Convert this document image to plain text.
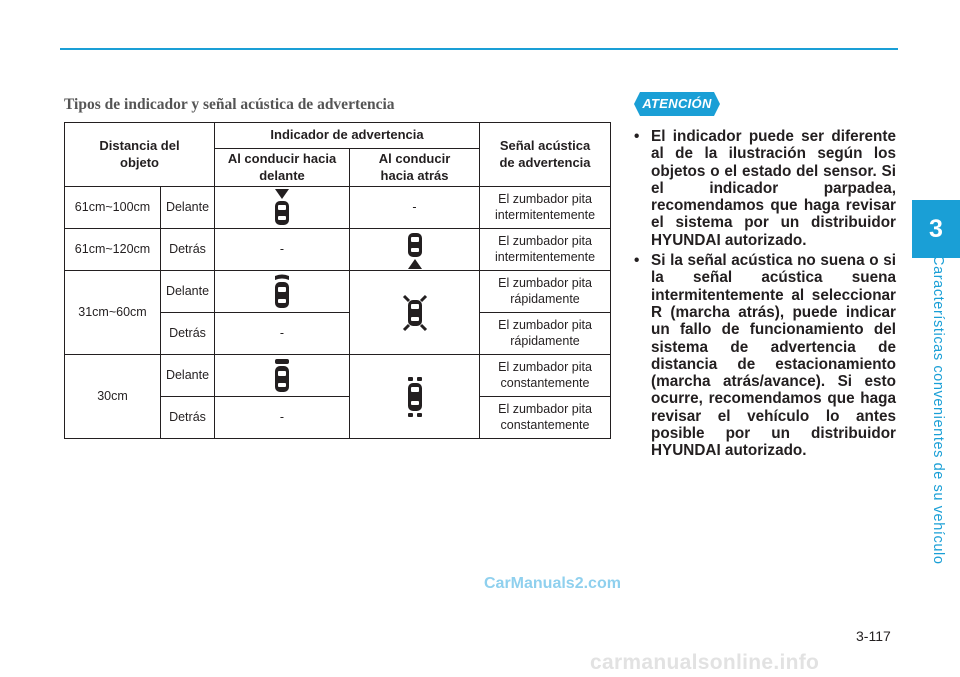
3
Características convenientes de su vehículo
Tipos de indicador y señal acústica de advertencia
Distancia del objeto		Indicador de advertencia		Señal acústica de advertencia
		Al conducir hacia delante	Al conducir hacia atrás	
61cm~100cm	Delante		-	El zumbador pita intermitentemente
61cm~120cm	Detrás	-		El zumbador pita intermitentemente
31cm~60cm	Delante			El zumbador pita rápidamente
	Detrás	-		El zumbador pita rápidamente
30cm	Delante			El zumbador pita constantemente
	Detrás	-		El zumbador pita constantemente
ATENCIÓN
• El indicador puede ser diferente al de la ilustración según los objetos o el estado del sensor. Si el indicador parpadea, recomendamos que haga revisar el sistema por un distribuidor HYUNDAI autorizado.
• Si la señal acústica no suena o si la señal acústica suena intermitentemente al seleccionar R (marcha atrás), puede indicar un fallo de funcionamiento del sistema de advertencia de distancia de estacionamiento (marcha atrás/avance). Si esto ocurre, recomendamos que haga revisar el vehículo lo antes posible por un distribuidor HYUNDAI autorizado.
CarManuals2.com
3-117
carmanualsonline.info
